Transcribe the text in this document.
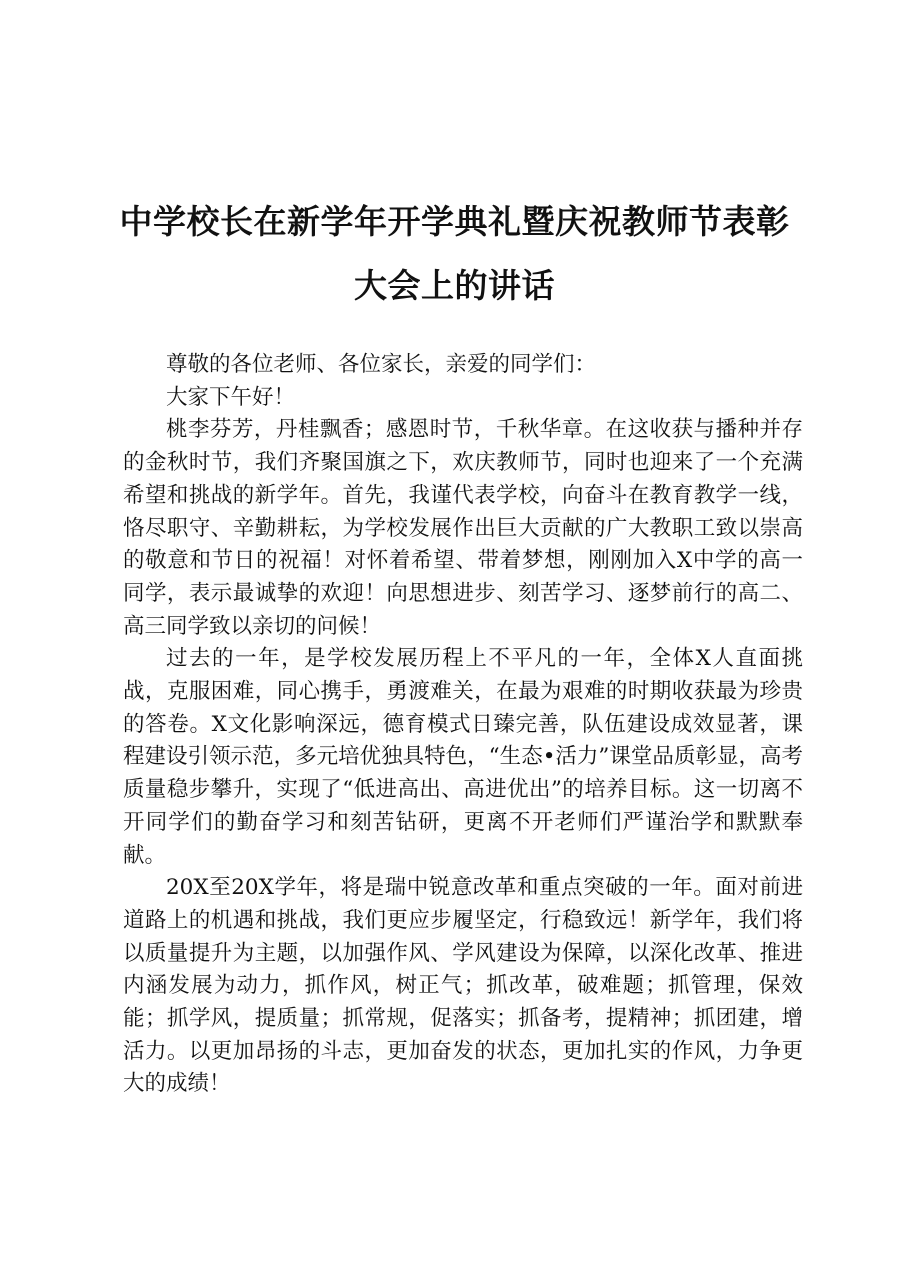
中学校长在新学年开学典礼暨庆祝教师节表彰
大会上的讲话

尊敬的各位老师、各位家长，亲爱的同学们：

大家下午好！

桃李芬芳，丹桂飘香；感恩时节，千秋华章。在这收获与播种并存的金秋时节，我们齐聚国旗之下，欢庆教师节，同时也迎来了一个充满希望和挑战的新学年。首先，我谨代表学校，向奋斗在教育教学一线，恪尽职守、辛勤耕耘，为学校发展作出巨大贡献的广大教职工致以崇高的敬意和节日的祝福！对怀着希望、带着梦想，刚刚加入X中学的高一同学，表示最诚挚的欢迎！向思想进步、刻苦学习、逐梦前行的高二、高三同学致以亲切的问候！

过去的一年，是学校发展历程上不平凡的一年，全体X人直面挑战，克服困难，同心携手，勇渡难关，在最为艰难的时期收获最为珍贵的答卷。X文化影响深远，德育模式日臻完善，队伍建设成效显著，课程建设引领示范，多元培优独具特色，“生态•活力”课堂品质彰显，高考质量稳步攀升，实现了“低进高出、高进优出”的培养目标。这一切离不开同学们的勤奋学习和刻苦钻研，更离不开老师们严谨治学和默默奉献。

20X至20X学年，将是瑞中锐意改革和重点突破的一年。面对前进道路上的机遇和挑战，我们更应步履坚定，行稳致远！新学年，我们将以质量提升为主题，以加强作风、学风建设为保障，以深化改革、推进内涵发展为动力，抓作风，树正气；抓改革，破难题；抓管理，保效能；抓学风，提质量；抓常规，促落实；抓备考，提精神；抓团建，增活力。以更加昂扬的斗志，更加奋发的状态，更加扎实的作风，力争更大的成绩！
